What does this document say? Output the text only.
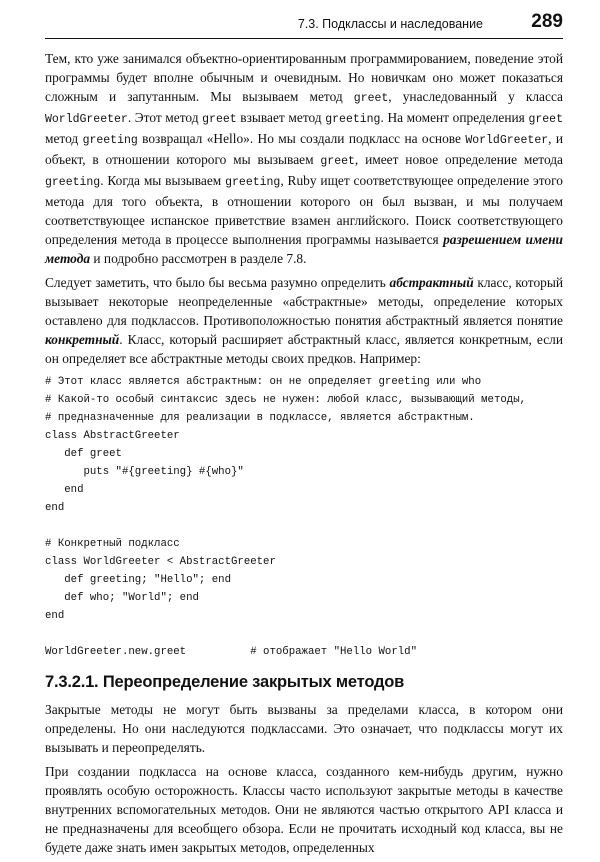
7.3. Подклассы и наследование	289

Тем, кто уже занимался объектно-ориентированным программированием, поведение этой программы будет вполне обычным и очевидным. Но новичкам оно может показаться сложным и запутанным. Мы вызываем метод greet, унаследованный у класса WorldGreeter. Этот метод greet взывает метод greeting. На момент определения greet метод greeting возвращал «Hello». Но мы создали подкласс на основе WorldGreeter, и объект, в отношении которого мы вызываем greet, имеет новое определение метода greeting. Когда мы вызываем greeting, Ruby ищет соответствующее определение этого метода для того объекта, в отношении которого он был вызван, и мы получаем соответствующее испанское приветствие взамен английского. Поиск соответствующего определения метода в процессе выполнения программы называется разрешением имени метода и подробно рассмотрен в разделе 7.8.

Следует заметить, что было бы весьма разумно определить абстрактный класс, который вызывает некоторые неопределенные «абстрактные» методы, определение которых оставлено для подклассов. Противоположностью понятия абстрактный является понятие конкретный. Класс, который расширяет абстрактный класс, является конкретным, если он определяет все абстрактные методы своих предков. Например:

# Этот класс является абстрактным: он не определяет greeting или who
# Какой-то особый синтаксис здесь не нужен: любой класс, вызывающий методы,
# предназначенные для реализации в подклассе, является абстрактным.
class AbstractGreeter
def greet
puts "#{greeting} #{who}"
end
end
# Конкретный подкласс
class WorldGreeter < AbstractGreeter
def greeting; "Hello"; end
def who; "World"; end
end
WorldGreeter.new.greet          # отображает "Hello World"
7.3.2.1. Переопределение закрытых методов

Закрытые методы не могут быть вызваны за пределами класса, в котором они определены. Но они наследуются подклассами. Это означает, что подклассы могут их вызывать и переопределять.

При создании подкласса на основе класса, созданного кем-нибудь другим, нужно проявлять особую осторожность. Классы часто используют закрытые методы в качестве внутренних вспомогательных методов. Они не являются частью открытого API класса и не предназначены для всеобщего обзора. Если не прочитать исходный код класса, вы не будете даже знать имен закрытых методов, определенных
